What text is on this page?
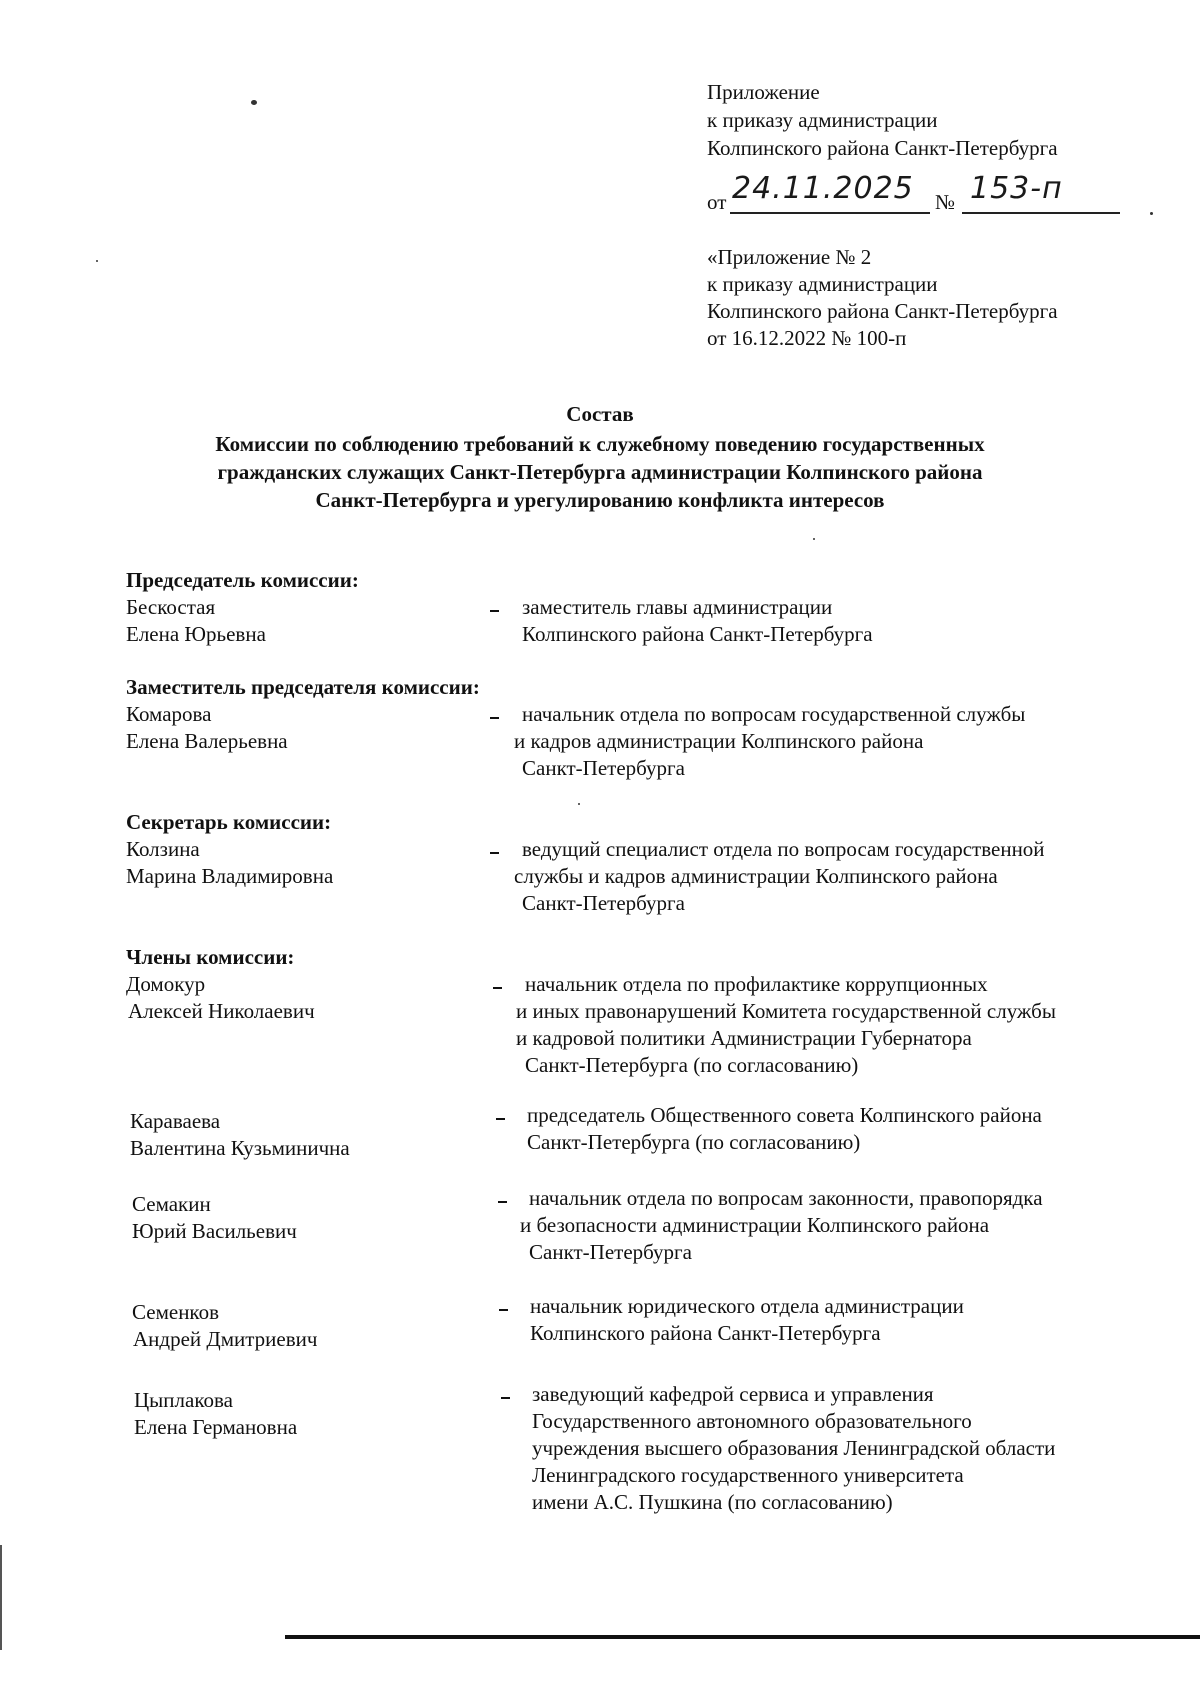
Приложение
к приказу администрации
Колпинского района Санкт-Петербурга
от 24.11.2025 № 153-п
«Приложение № 2
к приказу администрации
Колпинского района Санкт-Петербурга
от 16.12.2022 № 100-п
Состав
Комиссии по соблюдению требований к служебному поведению государственных
гражданских служащих Санкт-Петербурга администрации Колпинского района
Санкт-Петербурга и урегулированию конфликта интересов
Председатель комиссии:
Бескостая
Елена Юрьевна
заместитель главы администрации
Колпинского района Санкт-Петербурга
Заместитель председателя комиссии:
Комарова
Елена Валерьевна
начальник отдела по вопросам государственной службы
и кадров администрации Колпинского района
Санкт-Петербурга
Секретарь комиссии:
Колзина
Марина Владимировна
ведущий специалист отдела по вопросам государственной
службы и кадров администрации Колпинского района
Санкт-Петербурга
Члены комиссии:
Домокур
Алексей Николаевич
начальник отдела по профилактике коррупционных
и иных правонарушений Комитета государственной службы
и кадровой политики Администрации Губернатора
Санкт-Петербурга (по согласованию)
Караваева
Валентина Кузьминична
председатель Общественного совета Колпинского района
Санкт-Петербурга (по согласованию)
Семакин
Юрий Васильевич
начальник отдела по вопросам законности, правопорядка
и безопасности администрации Колпинского района
Санкт-Петербурга
Семенков
Андрей Дмитриевич
начальник юридического отдела администрации
Колпинского района Санкт-Петербурга
Цыплакова
Елена Германовна
заведующий кафедрой сервиса и управления
Государственного автономного образовательного
учреждения высшего образования Ленинградской области
Ленинградского государственного университета
имени А.С. Пушкина (по согласованию)
